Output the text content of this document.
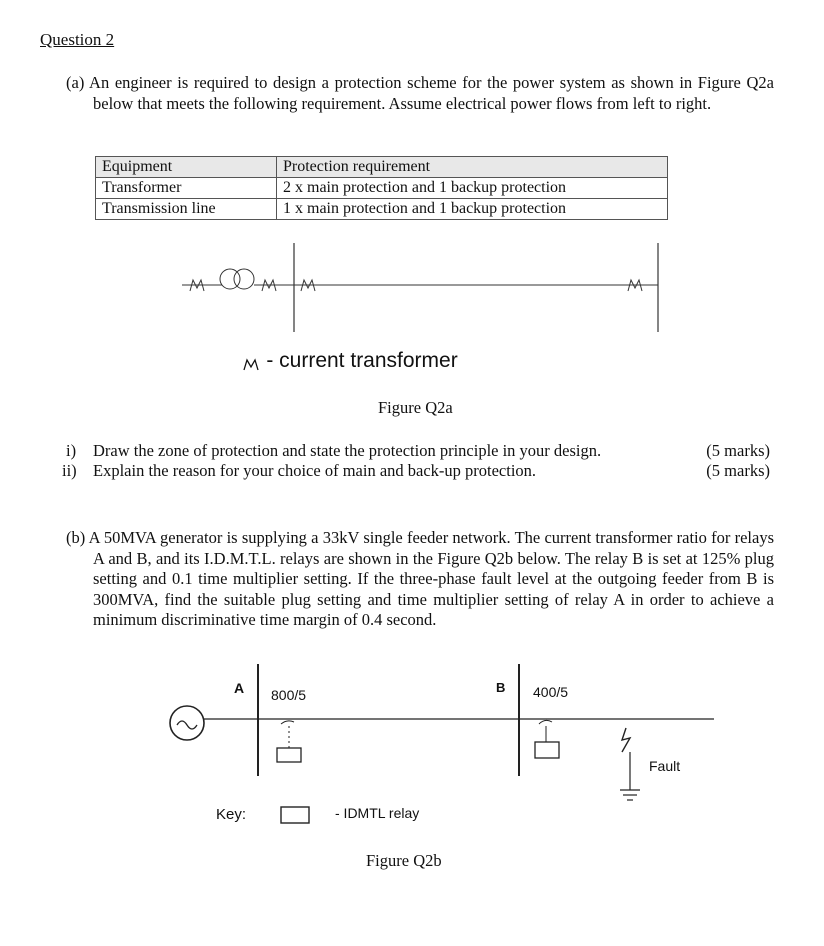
Question 2
(a) An engineer is required to design a protection scheme for the power system as shown in Figure Q2a below that meets the following requirement. Assume electrical power flows from left to right.
Equipment	Protection requirement
Transformer	2 x main protection and 1 backup protection
Transmission line	1 x main protection and 1 backup protection
- current transformer
Figure Q2a
i) Draw the zone of protection and state the protection principle in your design.	(5 marks)
ii) Explain the reason for your choice of main and back-up protection.	(5 marks)
(b) A 50MVA generator is supplying a 33kV single feeder network. The current transformer ratio for relays A and B, and its I.D.M.T.L. relays are shown in the Figure Q2b below. The relay B is set at 125% plug setting and 0.1 time multiplier setting. If the three-phase fault level at the outgoing feeder from B is 300MVA, find the suitable plug setting and time multiplier setting of relay A in order to achieve a minimum discriminative time margin of 0.4 second.
A 800/5	B 400/5
Fault
Key:	- IDMTL relay
Figure Q2b
